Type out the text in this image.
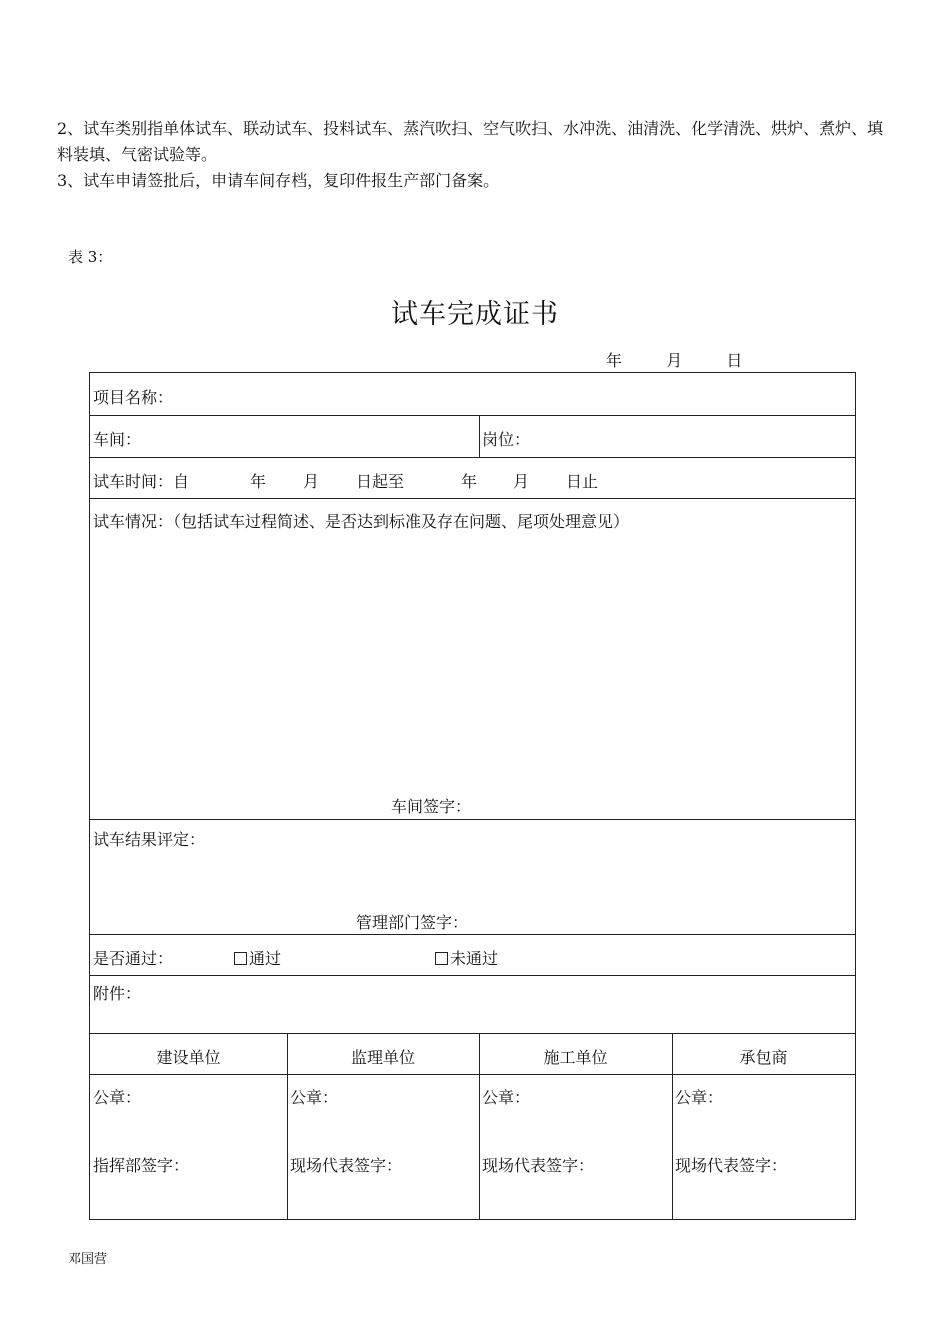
2、试车类别指单体试车、联动试车、投料试车、蒸汽吹扫、空气吹扫、水冲洗、油清洗、化学清洗、烘炉、煮炉、填料装填、气密试验等。

3、试车申请签批后，申请车间存档，复印件报生产部门备案。

表 3：
试车完成证书
年	月	日
项目名称：
车间：	岗位：
试车时间：自	年 月 日起至	年 月 日止
试车情况：（包括试车过程简述、是否达到标准及存在问题、尾项处理意见）
车间签字：
试车结果评定：
管理部门签字：
是否通过：	通过	未通过
附件：
建设单位	监理单位	施工单位	承包商
公章：	公章：	公章：	公章：
指挥部签字：	现场代表签字：	现场代表签字：	现场代表签字：
邓国营
